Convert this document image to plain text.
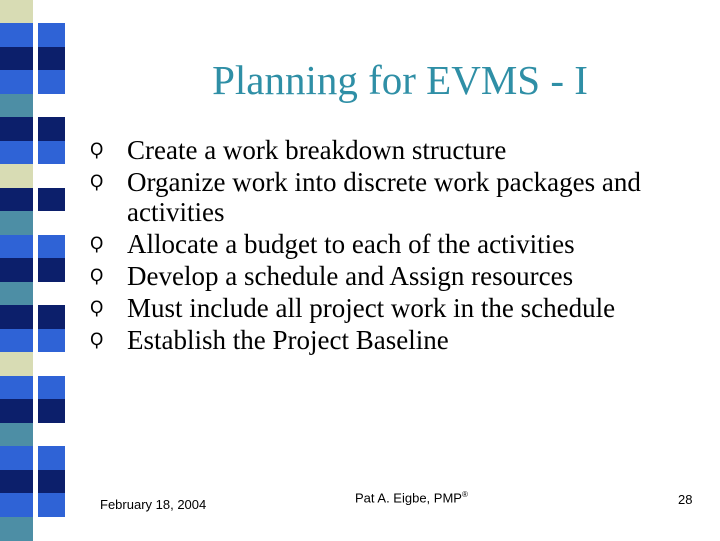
Planning for EVMS - I
Ϙ Create a work breakdown structure
Ϙ Organize work into discrete work packages and activities
Ϙ Allocate a budget to each of the activities
Ϙ Develop a schedule and Assign resources
Ϙ Must include all project work in the schedule
Ϙ Establish the Project Baseline
February 18, 2004	Pat A. Eigbe, PMP®	28
